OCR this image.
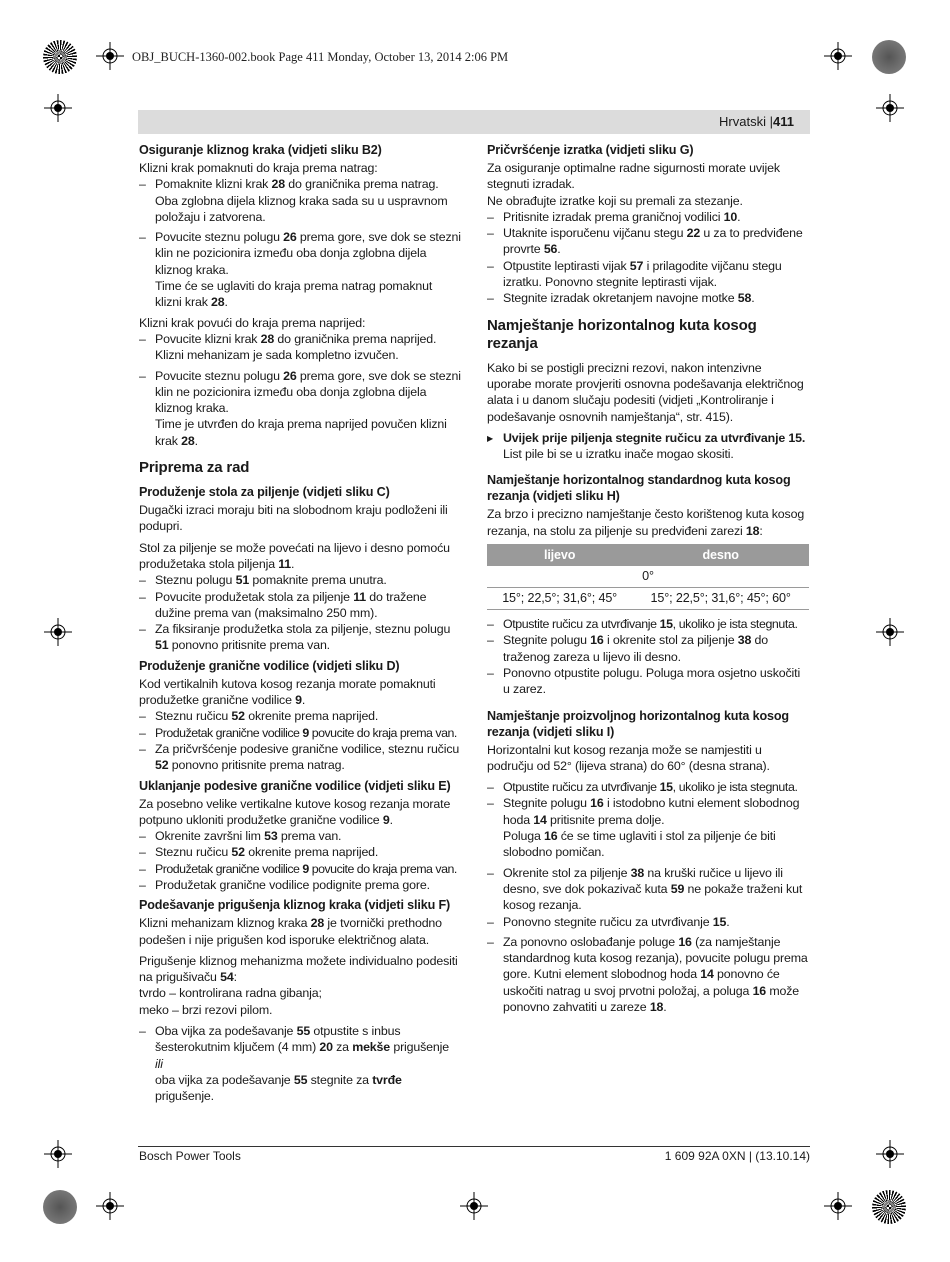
OBJ_BUCH-1360-002.book Page 411 Monday, October 13, 2014 2:06 PM
Hrvatski |411
Osiguranje kliznog kraka (vidjeti sliku B2)

Klizni krak pomaknuti do kraja prema natrag:

– Pomaknite klizni krak 28 do graničnika prema natrag.
Oba zglobna dijela kliznog kraka sada su u uspravnom položaju i zatvorena.
– Povucite steznu polugu 26 prema gore, sve dok se stezni klin ne pozicionira između oba donja zglobna dijela kliznog kraka.
Time će se uglaviti do kraja prema natrag pomaknut klizni krak 28.

Klizni krak povući do kraja prema naprijed:

– Povucite klizni krak 28 do graničnika prema naprijed.
Klizni mehanizam je sada kompletno izvučen.
– Povucite steznu polugu 26 prema gore, sve dok se stezni klin ne pozicionira između oba donja zglobna dijela kliznog kraka.
Time je utvrđen do kraja prema naprijed povučen klizni krak 28.
Priprema za rad
Produženje stola za piljenje (vidjeti sliku C)

Dugački izraci moraju biti na slobodnom kraju podloženi ili podupri.

Stol za piljenje se može povećati na lijevo i desno pomoću produžetaka stola piljenja 11.

– Steznu polugu 51 pomaknite prema unutra.
– Povucite produžetak stola za piljenje 11 do tražene dužine prema van (maksimalno 250 mm).
– Za fiksiranje produžetka stola za piljenje, steznu polugu 51 ponovno pritisnite prema van.
Produženje granične vodilice (vidjeti sliku D)

Kod vertikalnih kutova kosog rezanja morate pomaknuti produžetke granične vodilice 9.

– Steznu ručicu 52 okrenite prema naprijed.
– Produžetak granične vodilice 9 povucite do kraja prema van.
– Za pričvršćenje podesive granične vodilice, steznu ručicu 52 ponovno pritisnite prema natrag.
Uklanjanje podesive granične vodilice (vidjeti sliku E)

Za posebno velike vertikalne kutove kosog rezanja morate potpuno ukloniti produžetke granične vodilice 9.

– Okrenite završni lim 53 prema van.
– Steznu ručicu 52 okrenite prema naprijed.
– Produžetak granične vodilice 9 povucite do kraja prema van.
– Produžetak granične vodilice podignite prema gore.
Podešavanje prigušenja kliznog kraka (vidjeti sliku F)

Klizni mehanizam kliznog kraka 28 je tvornički prethodno podešen i nije prigušen kod isporuke električnog alata.

Prigušenje kliznog mehanizma možete individualno podesiti na prigušivaču 54:
tvrdo – kontrolirana radna gibanja;
meko – brzi rezovi pilom.

– Oba vijka za podešavanje 55 otpustite s inbus šesterokutnim ključem (4 mm) 20 za mekše prigušenje
ili
oba vijka za podešavanje 55 stegnite za tvrđe prigušenje.
Pričvršćenje izratka (vidjeti sliku G)

Za osiguranje optimalne radne sigurnosti morate uvijek stegnuti izradak.
Ne obrađujte izratke koji su premali za stezanje.

– Pritisnite izradak prema graničnoj vodilici 10.
– Utaknite isporučenu vijčanu stegu 22 u za to predviđene provrte 56.
– Otpustite leptirasti vijak 57 i prilagodite vijčanu stegu izratku. Ponovno stegnite leptirasti vijak.
– Stegnite izradak okretanjem navojne motke 58.
Namještanje horizontalnog kuta kosog rezanja

Kako bi se postigli precizni rezovi, nakon intenzivne uporabe morate provjeriti osnovna podešavanja električnog alata i u danom slučaju podesiti (vidjeti „Kontroliranje i podešavanje osnovnih namještanja“, str. 415).

▶ Uvijek prije piljenja stegnite ručicu za utvrđivanje 15.
List pile bi se u izratku inače mogao skositi.
Namještanje horizontalnog standardnog kuta kosog rezanja (vidjeti sliku H)

Za brzo i precizno namještanje često korištenog kuta kosog rezanja, na stolu za piljenje su predviđeni zarezi 18:

lijevo	desno
0°	
15°; 22,5°; 31,6°; 45°	15°; 22,5°; 31,6°; 45°; 60°
– Otpustite ručicu za utvrđivanje 15, ukoliko je ista stegnuta.
– Stegnite polugu 16 i okrenite stol za piljenje 38 do traženog zareza u lijevo ili desno.
– Ponovno otpustite polugu. Poluga mora osjetno uskočiti u zarez.
Namještanje proizvoljnog horizontalnog kuta kosog rezanja (vidjeti sliku I)

Horizontalni kut kosog rezanja može se namjestiti u području od 52° (lijeva strana) do 60° (desna strana).

– Otpustite ručicu za utvrđivanje 15, ukoliko je ista stegnuta.
– Stegnite polugu 16 i istodobno kutni element slobodnog hoda 14 pritisnite prema dolje.
Poluga 16 će se time uglaviti i stol za piljenje će biti slobodno pomičan.
– Okrenite stol za piljenje 38 na kruški ručice u lijevo ili desno, sve dok pokazivač kuta 59 ne pokaže traženi kut kosog rezanja.
– Ponovno stegnite ručicu za utvrđivanje 15.
– Za ponovno oslobađanje poluge 16 (za namještanje standardnog kuta kosog rezanja), povucite polugu prema gore. Kutni element slobodnog hoda 14 ponovno će uskočiti natrag u svoj prvotni položaj, a poluga 16 može ponovno zahvatiti u zareze 18.
Bosch Power Tools	1 609 92A 0XN | (13.10.14)
